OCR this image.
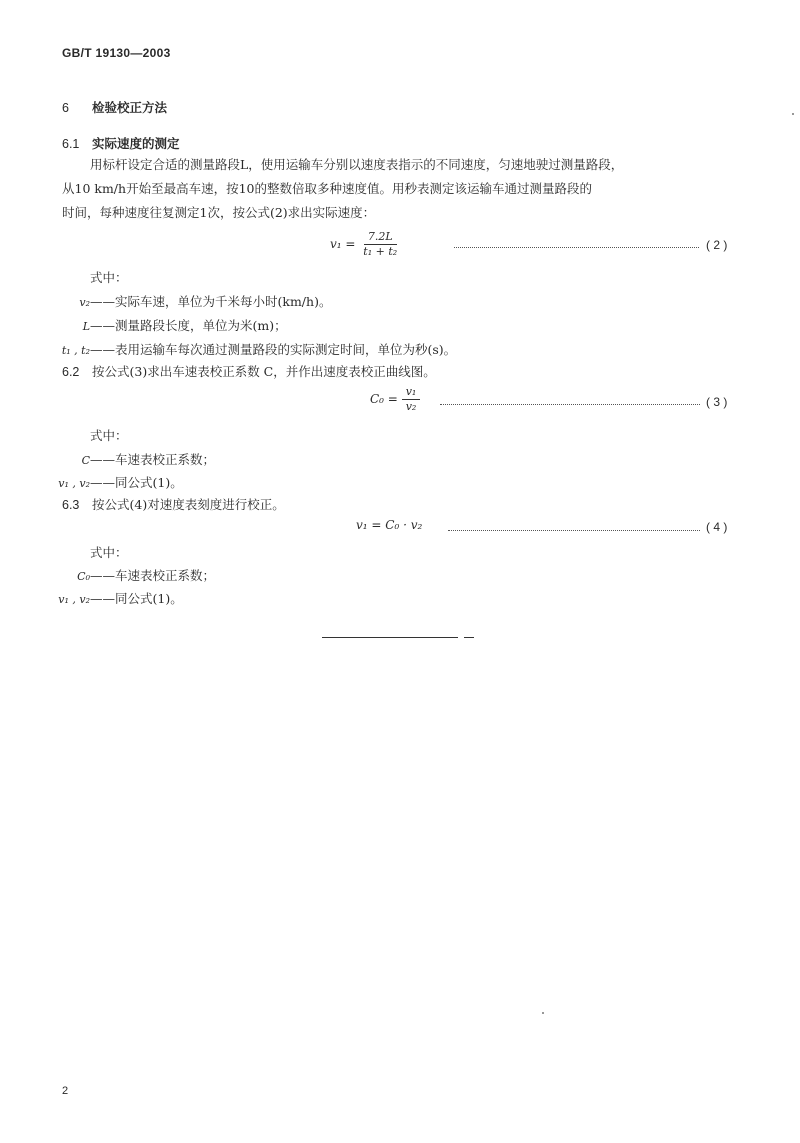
GB/T 19130—2003
6 检验校正方法
6.1 实际速度的测定
用标杆设定合适的测量路段L，使用运输车分别以速度表指示的不同速度，匀速地驶过测量路段，
从10 km/h开始至最高车速，按10的整数倍取多种速度值。用秒表测定该运输车通过测量路段的
时间，每种速度往复测定1次，按公式(2)求出实际速度：
$v_1 = \frac{7.2L}{\text{t₁ + t₂}}$	( 2 )
式中：
v₂——实际车速，单位为千米每小时(km/h)。
L——测量路段长度，单位为米(m)；
t₁ , t₂——表用运输车每次通过测量路段的实际测定时间，单位为秒(s)。
6.2 按公式(3)求出车速表校正系数 C，并作出速度表校正曲线图。
$C_0 = \frac{\text{v₁}}{\text{v₂}}$	( 3 )
式中：
C——车速表校正系数；
v₁ , v₂——同公式(1)。
6.3 按公式(4)对速度表刻度进行校正。
v₁ = C₀ · v₂	( 4 )
式中：
C₀——车速表校正系数；
v₁ , v₂——同公式(1)。
2
